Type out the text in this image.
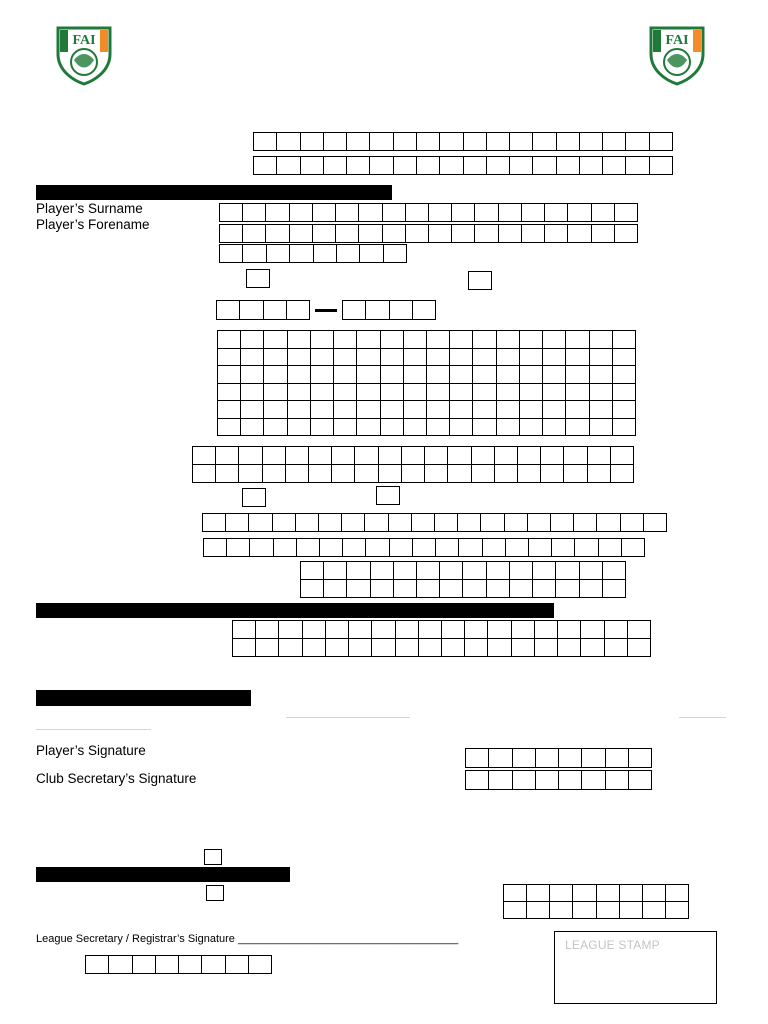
FAI	FAI
Player’s Surname
Player’s Forename
Player’s Signature
Club Secretary’s Signature
League Secretary / Registrar’s Signature ____________________________________	LEAGUE STAMP
